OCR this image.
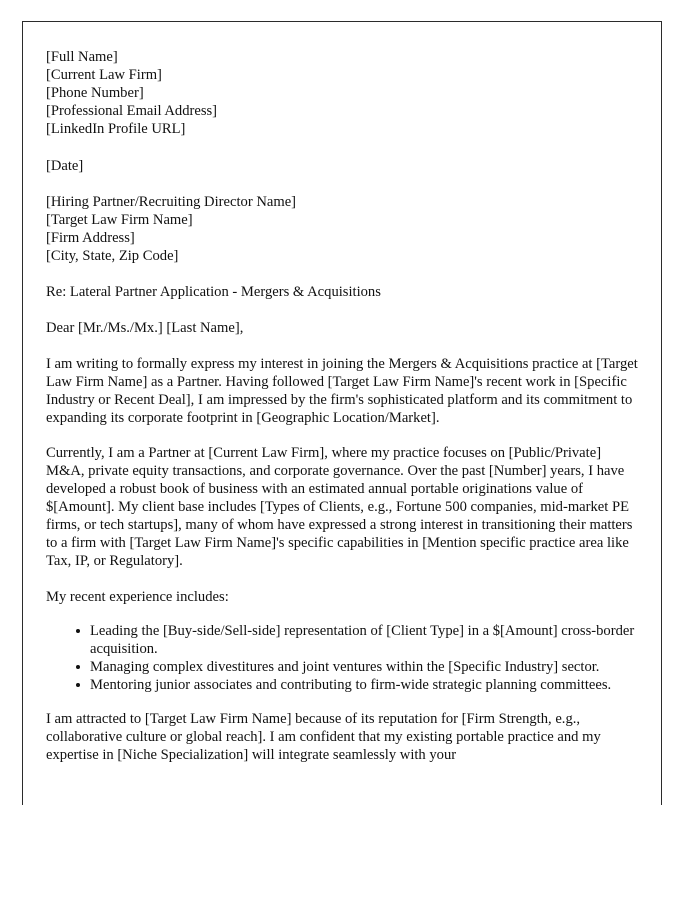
[Full Name]
[Current Law Firm]
[Phone Number]
[Professional Email Address]
[LinkedIn Profile URL]
[Date]
[Hiring Partner/Recruiting Director Name]
[Target Law Firm Name]
[Firm Address]
[City, State, Zip Code]
Re: Lateral Partner Application - Mergers & Acquisitions
Dear [Mr./Ms./Mx.] [Last Name],

I am writing to formally express my interest in joining the Mergers & Acquisitions practice at [Target Law Firm Name] as a Partner. Having followed [Target Law Firm Name]'s recent work in [Specific Industry or Recent Deal], I am impressed by the firm's sophisticated platform and its commitment to expanding its corporate footprint in [Geographic Location/Market].

Currently, I am a Partner at [Current Law Firm], where my practice focuses on [Public/Private] M&A, private equity transactions, and corporate governance. Over the past [Number] years, I have developed a robust book of business with an estimated annual portable originations value of $[Amount]. My client base includes [Types of Clients, e.g., Fortune 500 companies, mid-market PE firms, or tech startups], many of whom have expressed a strong interest in transitioning their matters to a firm with [Target Law Firm Name]'s specific capabilities in [Mention specific practice area like Tax, IP, or Regulatory].

My recent experience includes:

Leading the [Buy-side/Sell-side] representation of [Client Type] in a $[Amount] cross-border acquisition.
Managing complex divestitures and joint ventures within the [Specific Industry] sector.
Mentoring junior associates and contributing to firm-wide strategic planning committees.

I am attracted to [Target Law Firm Name] because of its reputation for [Firm Strength, e.g., collaborative culture or global reach]. I am confident that my existing portable practice and my expertise in [Niche Specialization] will integrate seamlessly with your
